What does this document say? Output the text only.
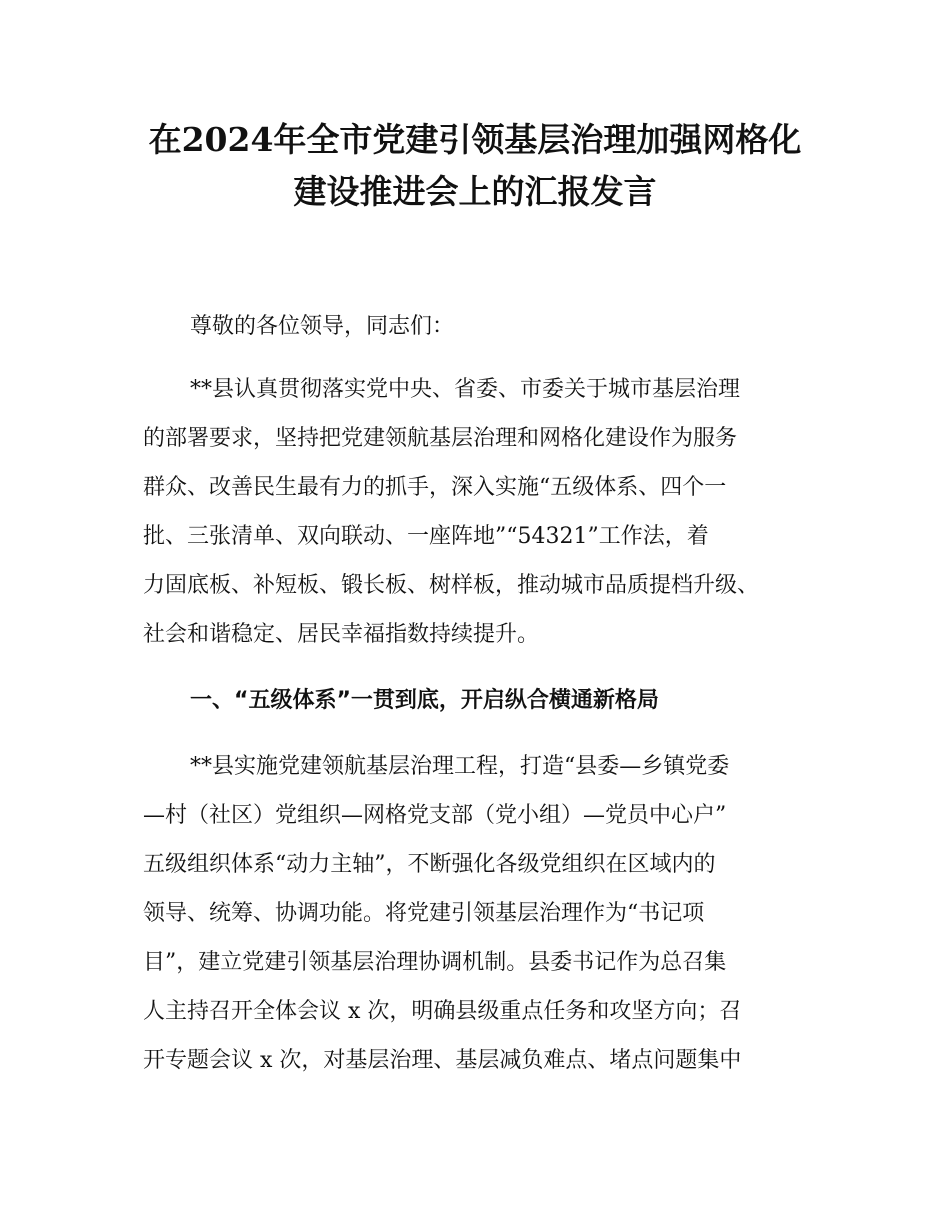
在2024年全市党建引领基层治理加强网格化
建设推进会上的汇报发言

尊敬的各位领导，同志们：

**县认真贯彻落实党中央、省委、市委关于城市基层治理

的部署要求，坚持把党建领航基层治理和网格化建设作为服务

群众、改善民生最有力的抓手，深入实施“五级体系、四个一

批、三张清单、双向联动、一座阵地”“54321”工作法，着

力固底板、补短板、锻长板、树样板，推动城市品质提档升级、

社会和谐稳定、居民幸福指数持续提升。

一、“五级体系”一贯到底，开启纵合横通新格局

**县实施党建领航基层治理工程，打造“县委—乡镇党委

—村（社区）党组织—网格党支部（党小组）—党员中心户”

五级组织体系“动力主轴”，不断强化各级党组织在区域内的

领导、统筹、协调功能。将党建引领基层治理作为“书记项

目”，建立党建引领基层治理协调机制。县委书记作为总召集

人主持召开全体会议 x 次，明确县级重点任务和攻坚方向；召

开专题会议 x 次，对基层治理、基层减负难点、堵点问题集中
